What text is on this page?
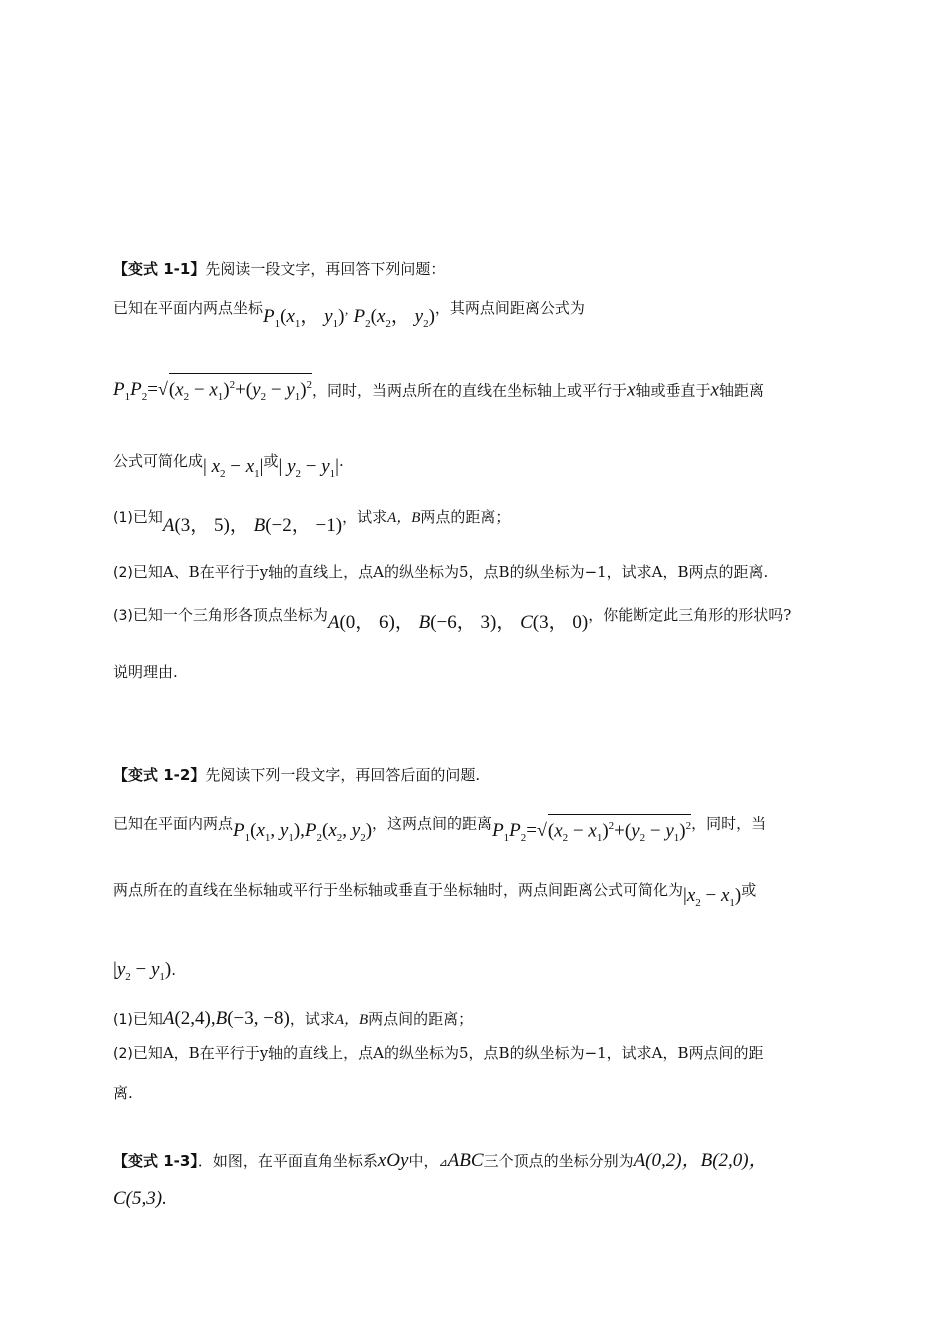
【变式 1-1】先阅读一段文字，再回答下列问题：
已知在平面内两点坐标$P_1(x_1$， $y_1)^’$ $P_2(x_2$， $y_2$)，其两点间距离公式为
$P_1P_2=√(x_2 - x_1)^2+(y_2 - y_1)^2$，同时，当两点所在的直线在坐标轴上或平行于x轴或垂直于x轴距离
公式可简化成| $x_2 - x_1|$或| $y_2 - y_1|$.
(1)已知A(3， 5)， B(−2， −1)，试求A，B两点的距离；
(2)已知A、B在平行于y轴的直线上，点A的纵坐标为5，点B的纵坐标为−1，试求A，B两点的距离.
(3)已知一个三角形各顶点坐标为A(0， 6)， B(−6， 3)， C(3， 0)，你能断定此三角形的形状吗?
说明理由.
【变式 1-2】先阅读下列一段文字，再回答后面的问题.
已知在平面内两点$P_1(x_1$, $y_1),P_2(x_2$, $y_2$)，这两点间的距离$P_1P_2=√(x_2 - x_1)^2+(y_2 - y_1)^2$，同时，当
两点所在的直线在坐标轴或平行于坐标轴或垂直于坐标轴时，两点间距离公式可简化为$|x_2 - x_1$)或
$|y_2 - y_1$).
(1)已知A(2,4),B(−3, −8)，试求A，B两点间的距离；
(2)已知A，B在平行于y轴的直线上，点A的纵坐标为5，点B的纵坐标为−1，试求A，B两点间的距
离.
【变式 1-3】．如图，在平面直角坐标系xOy中，⊿ABC三个顶点的坐标分别为A(0,2)，B(2,0)，
C(5,3).
